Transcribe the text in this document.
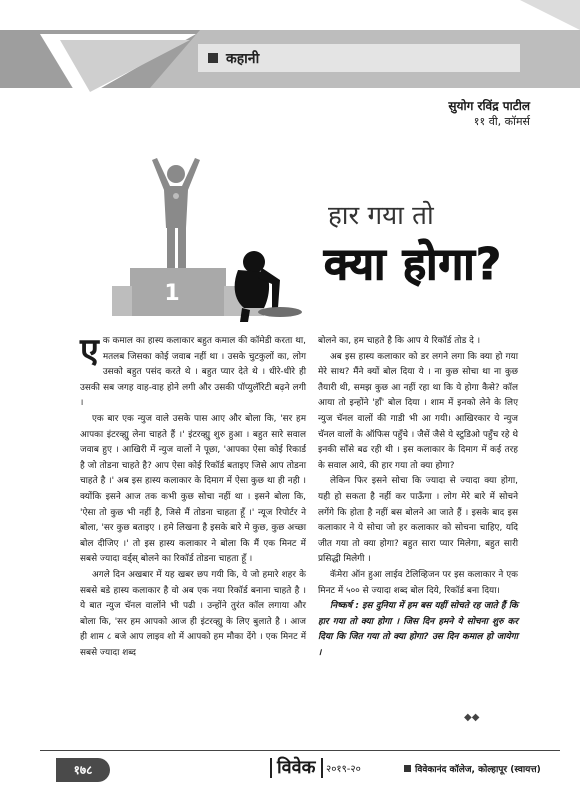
कहानी
सुयोग रविंद्र पाटील
११ वी, कॉमर्स
1
हार गया तो
क्या होगा?

एक कमाल का हास्य कलाकार बहुत कमाल की कॉमेडी करता था, मतलब जिसका कोई जवाब नहीं था । उसके चुटकुलों का, लोग उसको बहुत पसंद करते थे । बहुत प्यार देते थे । धीरे-धीरे ही उसकी सब जगह वाह-वाह होने लगी और उसकी पॉप्युलॅरिटी बढ़ने लगी ।

एक बार एक न्युज वाले उसके पास आए और बोला कि, 'सर हम आपका इंटरव्ह्यु लेना चाहते हैं ।' इंटरव्ह्यु शुरु हुआ । बहुत सारे सवाल जवाब हुए । आखिरी में न्युज वालों ने पूछा, 'आपका ऐसा कोई रिकार्ड है जो तोडना चाहते है? आप ऐसा कोई रिकॉर्ड बताइए जिसे आप तोडना चाहते है ।' अब इस हास्य कलाकार के दिमाग में ऐसा कुछ था ही नही । क्योंकि इसने आज तक कभी कुछ सोचा नहीं था । इसने बोला कि, 'ऐसा तो कुछ भी नहीं है, जिसे मैं तोडना चाहता हूँ ।' न्यूज रिपोर्टर ने बोला, 'सर कुछ बताइए । हमे लिखना है इसके बारे मे कुछ, कुछ अच्छा बोल दीजिए ।' तो इस हास्य कलाकार ने बोला कि मैं एक मिनट में सबसे ज्यादा वर्ड्स् बोलने का रिकॉर्ड तोडना चाहता हूँ ।

अगले दिन अखबार में यह खबर छप गयी कि, ये जो हमारे शहर के सबसे बडे हास्य कलाकार है वो अब एक नया रिकॉर्ड बनाना चाहते है । ये बात न्युज चॅनल वालोंने भी पढी । उन्होंने तुरंत कॉल लगाया और बोला कि, 'सर हम आपको आज ही इंटरव्ह्यु के लिए बुलाते है । आज ही शाम ८ बजे आप लाइव शो में आपको हम मौका देंगे । एक मिनट में सबसे ज्यादा शब्द

बोलने का, हम चाहते है कि आप ये रिकॉर्ड तोड दे ।

अब इस हास्य कलाकार को डर लगने लगा कि क्या हो गया मेरे साथ? मैंने क्यों बोल दिया ये । ना कुछ सोचा था ना कुछ तैयारी थी, समझ कुछ आ नहीं रहा था कि ये होगा कैसे? कॉल आया तो इन्होंने 'हाँ' बोल दिया । शाम में इनको लेने के लिए न्युज चॅनल वालों की गाडी भी आ गयी। आखिरकार ये न्युज चॅनल वालों के ऑफिस पहुँचे । जैसें जैसे ये स्टुडिओ पहुँच रहे थे इनकी साँसे बढ रही थी । इस कलाकार के दिमाग में कई तरह के सवाल आये, की हार गया तो क्या होगा?

लेकिन फिर इसने सोचा कि ज्यादा से ज्यादा क्या होगा, यही हो सकता है नहीं कर पाऊँगा । लोग मेरे बारे में सोचने लगेंगे कि होता है नहीं बस बोलने आ जाते हैं । इसके बाद इस कलाकार ने ये सोचा जो हर कलाकार को सोचना चाहिए, यदि जीत गया तो क्या होगा? बहुत सारा प्यार मिलेगा, बहुत सारी प्रसिद्धी मिलेगी ।

कॅमेरा ऑन हुआ लाईव टेलिव्हिजन पर इस कलाकार ने एक मिनट में ५०० से ज्यादा शब्द बोल दिये, रिकॉर्ड बना दिया।

निष्कर्ष : इस दुनिया में हम बस यहीं सोचते रह जाते हैं कि हार गया तो क्या होगा । जिस दिन हमने ये सोचना शुरु कर दिया कि जित गया तो क्या होगा? उस दिन कमाल हो जायेगा ।

◆◆
१७८	विवेक	२०१९-२०	विवेकानंद कॉलेज, कोल्हापूर (स्वायत्त)
